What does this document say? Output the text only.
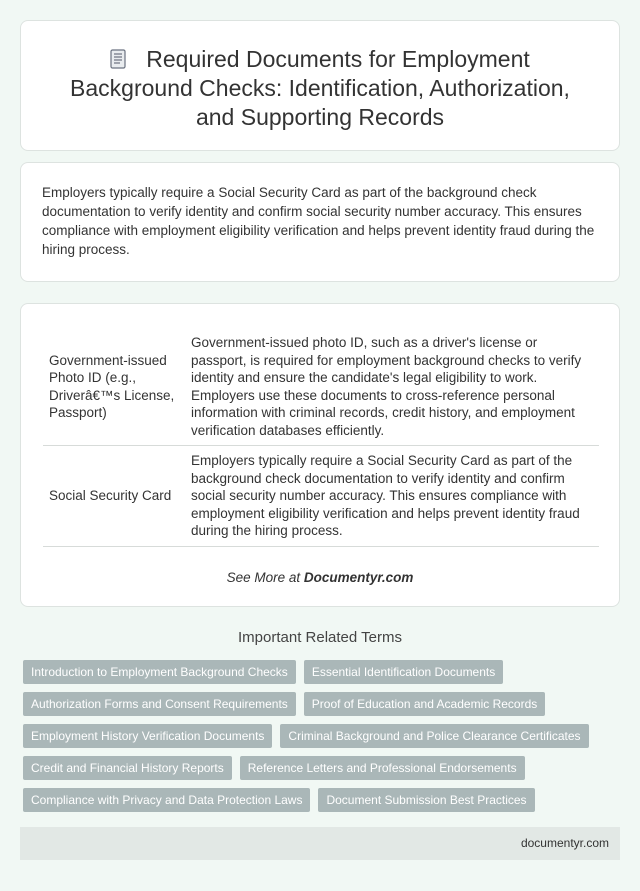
Required Documents for Employment Background Checks: Identification, Authorization, and Supporting Records

Employers typically require a Social Security Card as part of the background check documentation to verify identity and confirm social security number accuracy. This ensures compliance with employment eligibility verification and helps prevent identity fraud during the hiring process.

Government-issued Photo ID (e.g., Driverâ€™s License, Passport)	Government-issued photo ID, such as a driver's license or passport, is required for employment background checks to verify identity and ensure the candidate's legal eligibility to work. Employers use these documents to cross-reference personal information with criminal records, credit history, and employment verification databases efficiently.
Social Security Card	Employers typically require a Social Security Card as part of the background check documentation to verify identity and confirm social security number accuracy. This ensures compliance with employment eligibility verification and helps prevent identity fraud during the hiring process.
See More at Documentyr.com
Important Related Terms
Introduction to Employment Background Checks	Essential Identification Documents
Authorization Forms and Consent Requirements	Proof of Education and Academic Records
Employment History Verification Documents	Criminal Background and Police Clearance Certificates
Credit and Financial History Reports	Reference Letters and Professional Endorsements
Compliance with Privacy and Data Protection Laws	Document Submission Best Practices
documentyr.com
